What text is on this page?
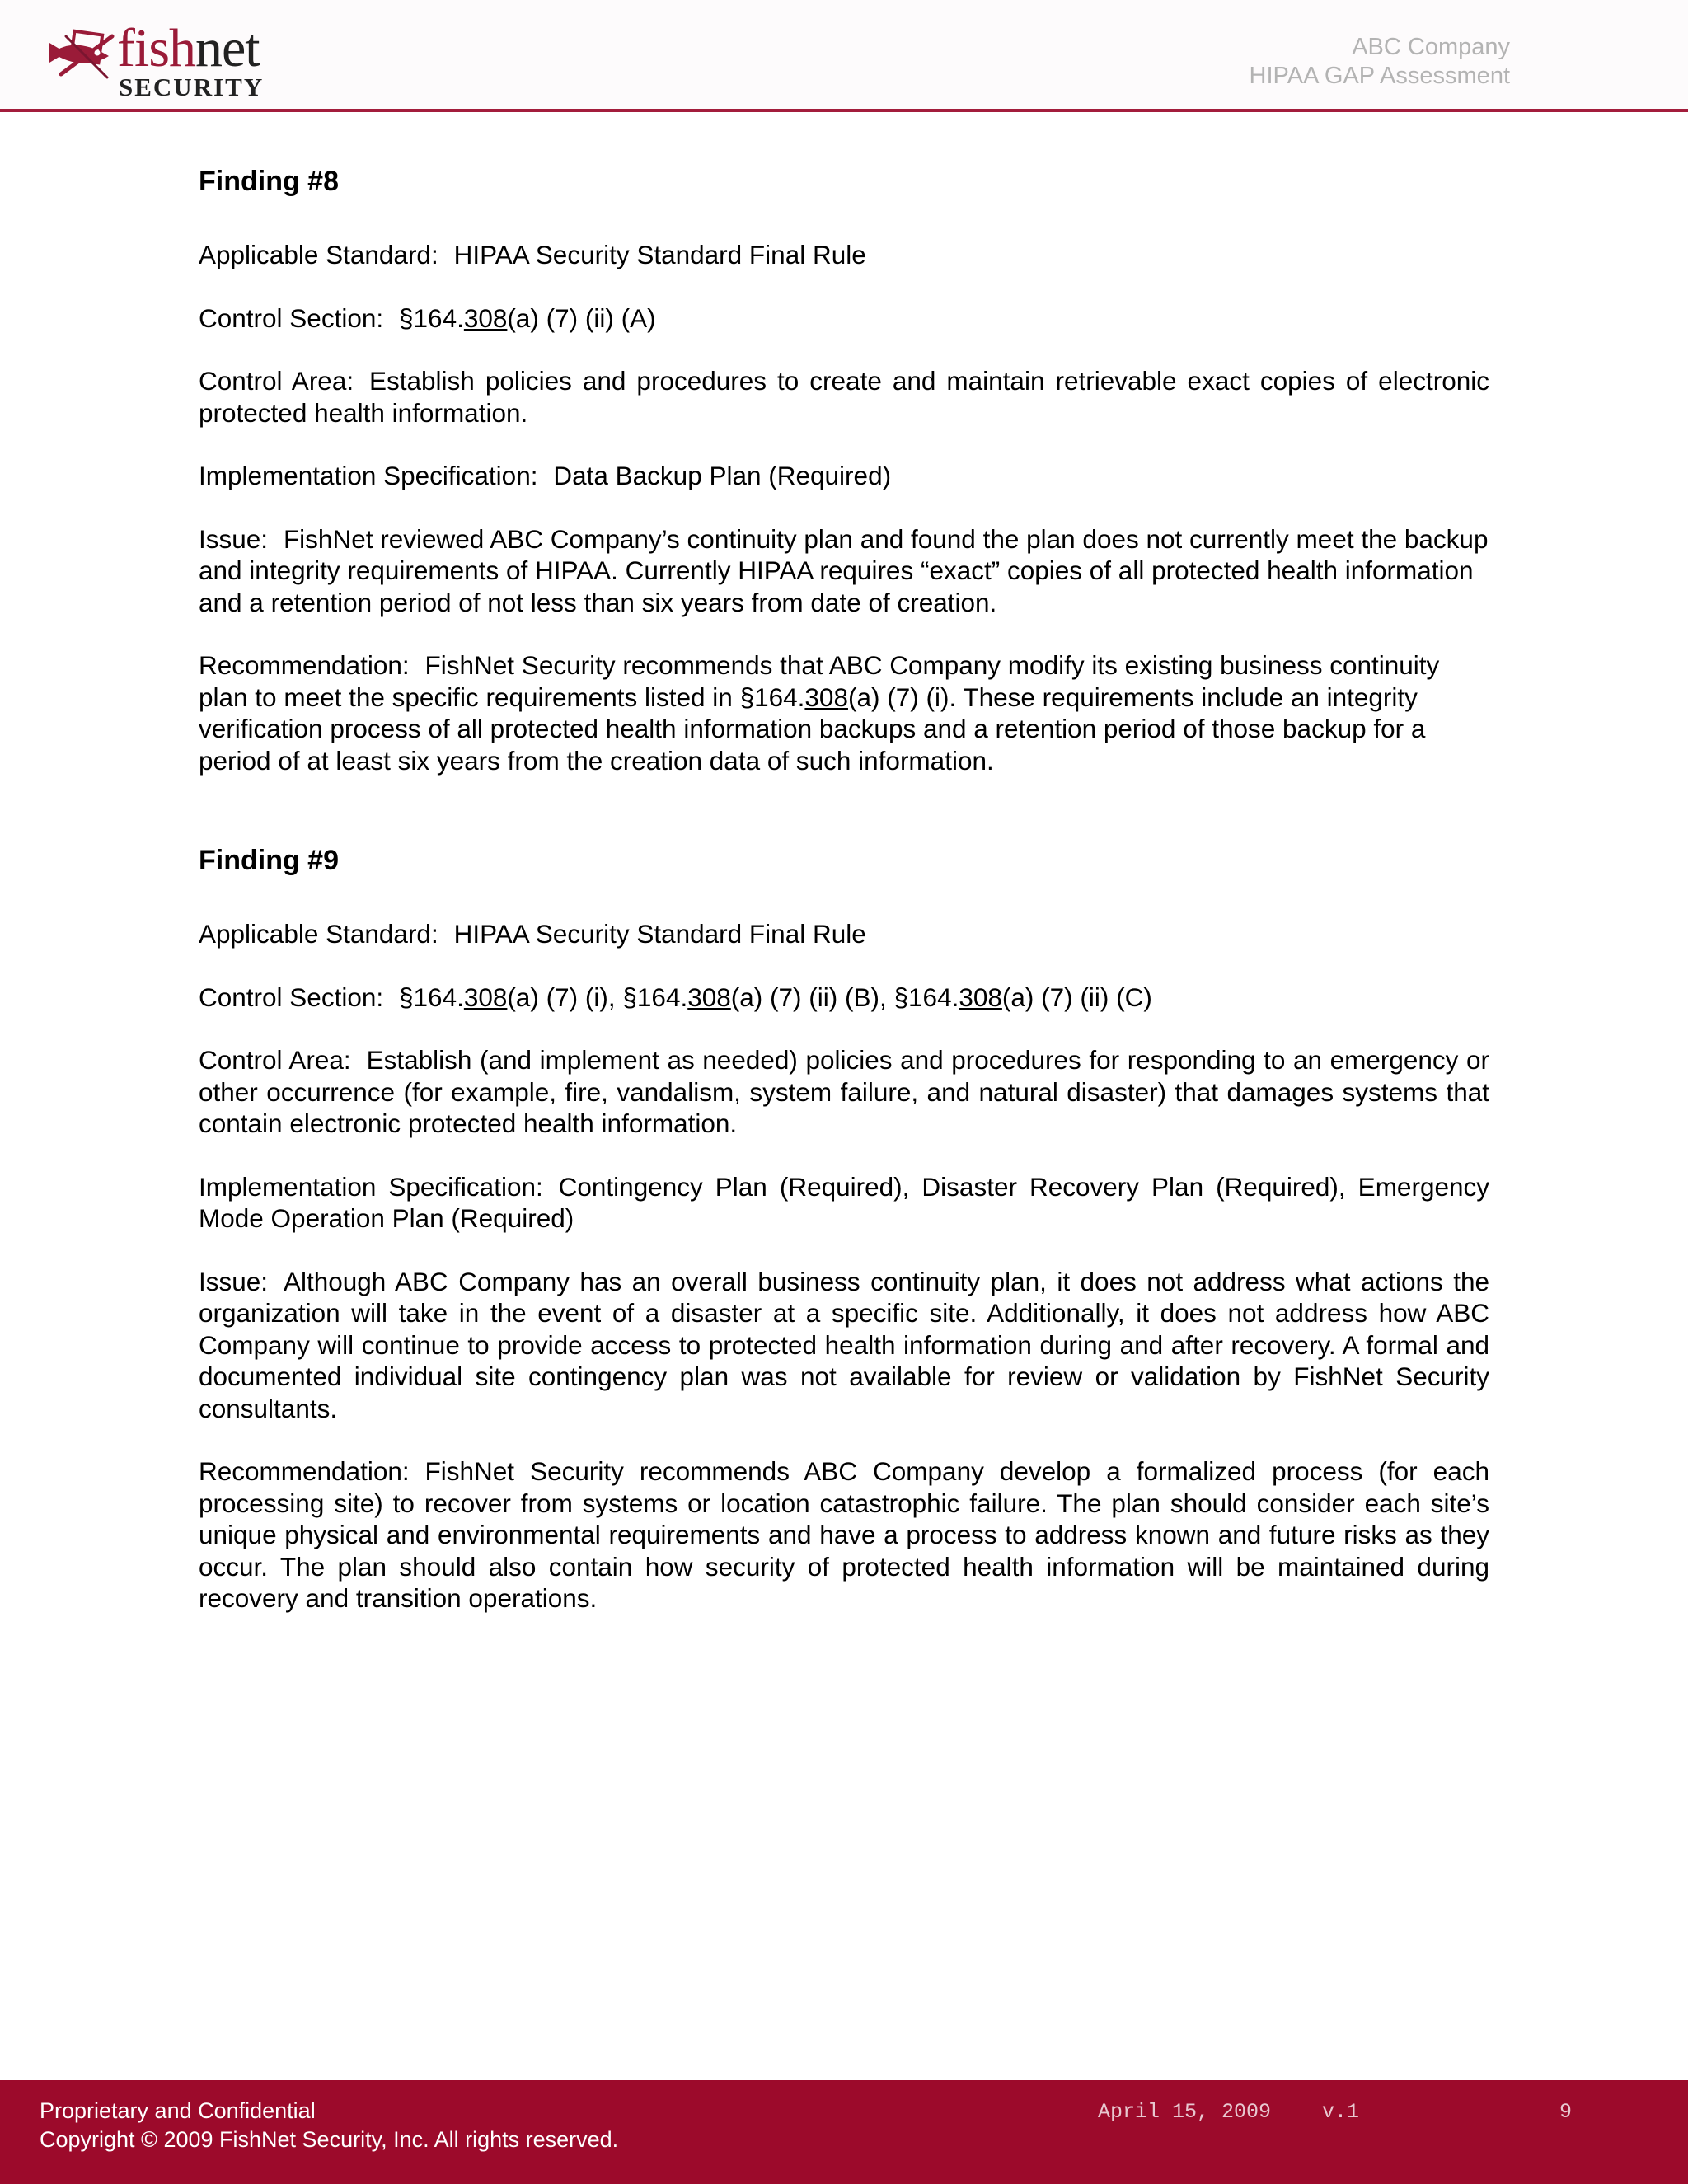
fishnet
SECURITY
ABC Company
HIPAA GAP Assessment
Finding #8

Applicable Standard: HIPAA Security Standard Final Rule

Control Section: §164.308(a) (7) (ii) (A)

Control Area: Establish policies and procedures to create and maintain retrievable exact copies of electronic protected health information.

Implementation Specification: Data Backup Plan (Required)

Issue: FishNet reviewed ABC Company’s continuity plan and found the plan does not currently meet the backup and integrity requirements of HIPAA. Currently HIPAA requires “exact” copies of all protected health information and a retention period of not less than six years from date of creation.

Recommendation: FishNet Security recommends that ABC Company modify its existing business continuity plan to meet the specific requirements listed in §164.308(a) (7) (i). These requirements include an integrity verification process of all protected health information backups and a retention period of those backup for a period of at least six years from the creation data of such information.

Finding #9

Applicable Standard: HIPAA Security Standard Final Rule

Control Section: §164.308(a) (7) (i), §164.308(a) (7) (ii) (B), §164.308(a) (7) (ii) (C)

Control Area: Establish (and implement as needed) policies and procedures for responding to an emergency or other occurrence (for example, fire, vandalism, system failure, and natural disaster) that damages systems that contain electronic protected health information.

Implementation Specification: Contingency Plan (Required), Disaster Recovery Plan (Required), Emergency Mode Operation Plan (Required)

Issue: Although ABC Company has an overall business continuity plan, it does not address what actions the organization will take in the event of a disaster at a specific site. Additionally, it does not address how ABC Company will continue to provide access to protected health information during and after recovery. A formal and documented individual site contingency plan was not available for review or validation by FishNet Security consultants.

Recommendation: FishNet Security recommends ABC Company develop a formalized process (for each processing site) to recover from systems or location catastrophic failure. The plan should consider each site’s unique physical and environmental requirements and have a process to address known and future risks as they occur. The plan should also contain how security of protected health information will be maintained during recovery and transition operations.

Proprietary and Confidential
Copyright © 2009 FishNet Security, Inc. All rights reserved.
April 15, 2009 v.1	9
